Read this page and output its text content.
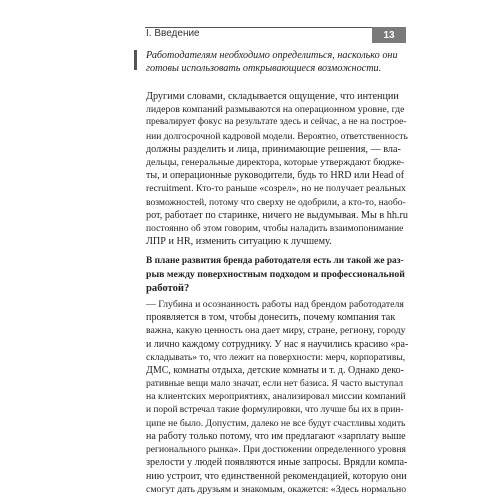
I. Введение	13
Работодателям необходимо определиться, насколько они
готовы использовать открывающиеся возможности.
Другими словами, складывается ощущение, что интенции
лидеров компаний размываются на операционном уровне, где
превалирует фокус на результате здесь и сейчас, а не на построе-
нии долгосрочной кадровой модели. Вероятно, ответственность
должны разделить и лица, принимающие решения, — вла-
дельцы, генеральные директора, которые утверждают бюдже-
ты, и операционные руководители, будь то HRD или Head of
recruitment. Кто-то раньше «созрел», но не получает реальных
возможностей, потому что сверху не одобрили, а кто-то, наобо-
рот, работает по старинке, ничего не выдумывая. Мы в hh.ru
постоянно об этом говорим, чтобы наладить взаимопонимание
ЛПР и HR, изменить ситуацию к лучшему.
В плане развития бренда работодателя есть ли такой же раз-
рыв между поверхностным подходом и профессиональной
работой?
— Глубина и осознанность работы над брендом работодателя
проявляется в том, чтобы донесить, почему компания так
важна, какую ценность она дает миру, стране, региону, городу
и лично каждому сотруднику. У нас я научились красиво «ра-
складывать» то, что лежит на поверхности: мерч, корпоративы,
ДМС, комнаты отдыха, детские комнаты и т. д. Однако деко-
ративные вещи мало значат, если нет базиса. Я часто выступал
на клиентских мероприятиях, анализировал миссии компаний
и порой встречал такие формулировки, что лучше бы их в прин-
ципе не было. Допустим, далеко не все будут счастливы ходить
на работу только потому, что им предлагают «зарплату выше
регионального рынка». При достижении определенного уровня
зрелости у людей появляются иные запросы. Врядли компа-
нию устроит, что единственной рекомендацией, которую они
смогут дать друзьям и знакомым, окажется: «Здесь нормально
